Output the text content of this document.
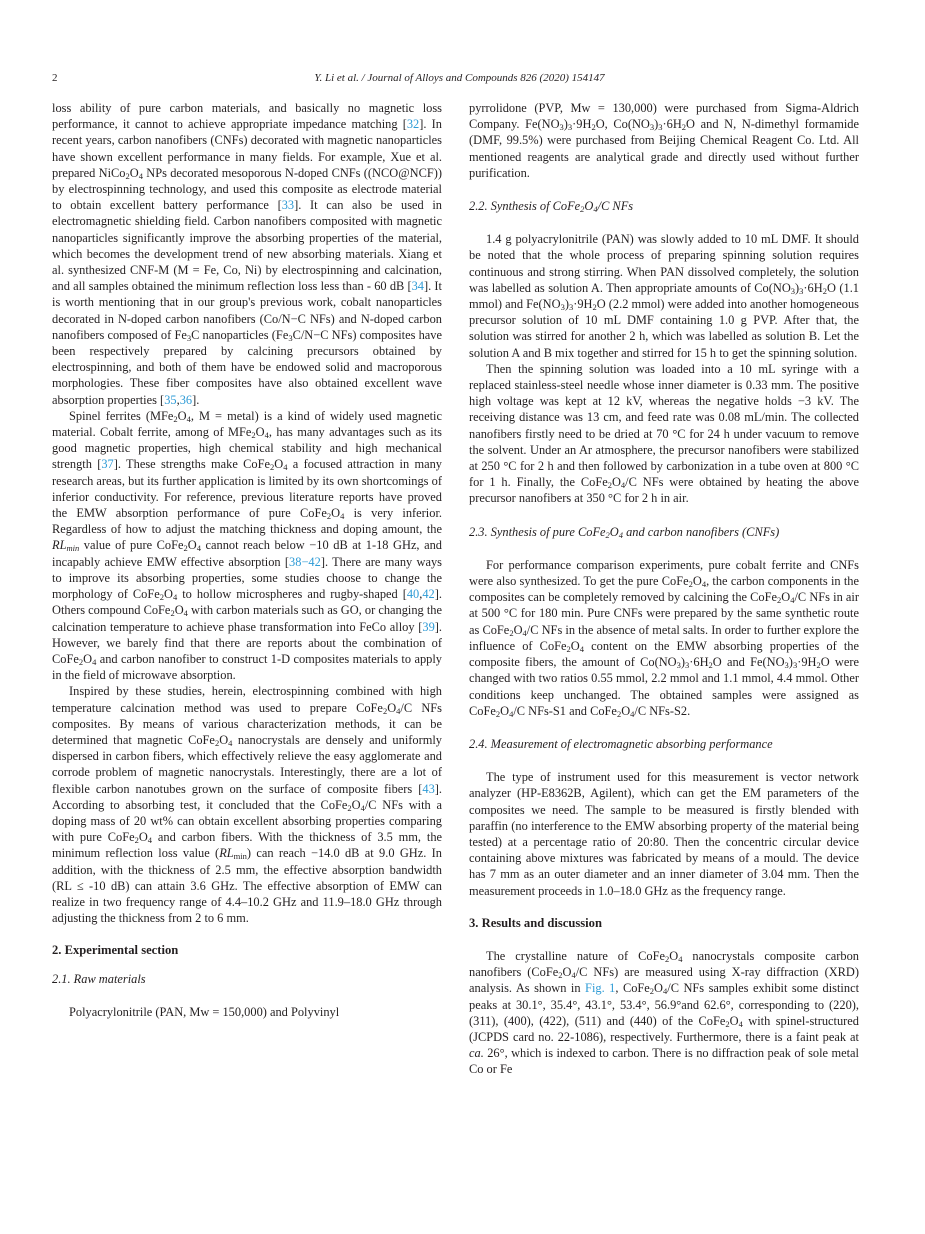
2	Y. Li et al. / Journal of Alloys and Compounds 826 (2020) 154147

loss ability of pure carbon materials, and basically no magnetic loss performance, it cannot to achieve appropriate impedance matching [32]. In recent years, carbon nanofibers (CNFs) decorated with magnetic nanoparticles have shown excellent performance in many fields. For example, Xue et al. prepared $NiCo_2O_4$ NPs decorated mesoporous N-doped CNFs ((NCO@NCF)) by electrospinning technology, and used this composite as electrode material to obtain excellent battery performance [33]. It can also be used in electromagnetic shielding field. Carbon nanofibers composited with magnetic nanoparticles significantly improve the absorbing properties of the material, which becomes the development trend of new absorbing materials. Xiang et al. synthesized CNF-M (M = Fe, Co, Ni) by electrospinning and calcination, and all samples obtained the minimum reflection loss less than - 60 dB [34]. It is worth mentioning that in our group's previous work, cobalt nanoparticles decorated in N-doped carbon nanofibers (Co/N−C NFs) and N-doped carbon nanofibers composed of $Fe_3C$ nanoparticles ($Fe_3C/N-C$ NFs) composites have been respectively prepared by calcining precursors obtained by electrospinning, and both of them have be endowed solid and macroporous morphologies. These fiber composites have also obtained excellent wave absorption properties [35,36].

Spinel ferrites ($MFe_2O_4$, M = metal) is a kind of widely used magnetic material. Cobalt ferrite, among of $MFe_2O_4$, has many advantages such as its good magnetic properties, high chemical stability and high mechanical strength [37]. These strengths make $CoFe_2O_4$ a focused attraction in many research areas, but its further application is limited by its own shortcomings of inferior conductivity. For reference, previous literature reports have proved the EMW absorption performance of pure $CoFe_2O_4$ is very inferior. Regardless of how to adjust the matching thickness and doping amount, the $RL_{min}$ value of pure $CoFe_2O_4$ cannot reach below −10 dB at 1-18 GHz, and incapably achieve EMW effective absorption [38−42]. There are many ways to improve its absorbing properties, some studies choose to change the morphology of $CoFe_2O_4$ to hollow microspheres and rugby-shaped [40,42]. Others compound $CoFe_2O_4$ with carbon materials such as GO, or changing the calcination temperature to achieve phase transformation into FeCo alloy [39]. However, we barely find that there are reports about the combination of $CoFe_2O_4$ and carbon nanofiber to construct 1-D composites materials to apply in the field of microwave absorption.

Inspired by these studies, herein, electrospinning combined with high temperature calcination method was used to prepare $CoFe_2O_4/C$ NFs composites. By means of various characterization methods, it can be determined that magnetic $CoFe_2O_4$ nanocrystals are densely and uniformly dispersed in carbon fibers, which effectively relieve the easy agglomerate and corrode problem of magnetic nanocrystals. Interestingly, there are a lot of flexible carbon nanotubes grown on the surface of composite fibers [43]. According to absorbing test, it concluded that the $CoFe_2O_4/C$ NFs with a doping mass of 20 wt% can obtain excellent absorbing properties comparing with pure $CoFe_2O_4$ and carbon fibers. With the thickness of 3.5 mm, the minimum reflection loss value $(RL_{min})$ can reach −14.0 dB at 9.0 GHz. In addition, with the thickness of 2.5 mm, the effective absorption bandwidth (RL ≤ -10 dB) can attain 3.6 GHz. The effective absorption of EMW can realize in two frequency range of 4.4–10.2 GHz and 11.9–18.0 GHz through adjusting the thickness from 2 to 6 mm.

2. Experimental section
2.1. Raw materials

Polyacrylonitrile (PAN, Mw = 150,000) and Polyvinyl

pyrrolidone (PVP, Mw = 130,000) were purchased from Sigma-Aldrich Company. $Fe(NO_3)_3\cdot 9H_2O$, $Co(NO_3)_3\cdot 6H_2O$ and N, N-dimethyl formamide (DMF, 99.5%) were purchased from Beijing Chemical Reagent Co. Ltd. All mentioned reagents are analytical grade and directly used without further purification.

2.2. Synthesis of $CoFe_2O_4/C$ NFs

1.4 g polyacrylonitrile (PAN) was slowly added to 10 mL DMF. It should be noted that the whole process of preparing spinning solution requires continuous and strong stirring. When PAN dissolved completely, the solution was labelled as solution A. Then appropriate amounts of $Co(NO_3)_3\cdot 6H_2O$ (1.1 mmol) and $Fe(NO_3)_3\cdot 9H_2O$ (2.2 mmol) were added into another homogeneous precursor solution of 10 mL DMF containing 1.0 g PVP. After that, the solution was stirred for another 2 h, which was labelled as solution B. Let the solution A and B mix together and stirred for 15 h to get the spinning solution.

Then the spinning solution was loaded into a 10 mL syringe with a replaced stainless-steel needle whose inner diameter is 0.33 mm. The positive high voltage was kept at 12 kV, whereas the negative holds −3 kV. The receiving distance was 13 cm, and feed rate was 0.08 mL/min. The collected nanofibers firstly need to be dried at 70 °C for 24 h under vacuum to remove the solvent. Under an Ar atmosphere, the precursor nanofibers were stabilized at 250 °C for 2 h and then followed by carbonization in a tube oven at 800 °C for 1 h. Finally, the $CoFe_2O_4/C$ NFs were obtained by heating the above precursor nanofibers at 350 °C for 2 h in air.

2.3. Synthesis of pure $CoFe_2O_4$ and carbon nanofibers (CNFs)

For performance comparison experiments, pure cobalt ferrite and CNFs were also synthesized. To get the pure $CoFe_2O_4$, the carbon components in the composites can be completely removed by calcining the $CoFe_2O_4/C$ NFs in air at 500 °C for 180 min. Pure CNFs were prepared by the same synthetic route as $CoFe_2O_4/C$ NFs in the absence of metal salts. In order to further explore the influence of $CoFe_2O_4$ content on the EMW absorbing properties of the composite fibers, the amount of $Co(NO_3)_3\cdot 6H_2O$ and $Fe(NO_3)_3\cdot 9H_2O$ were changed with two ratios 0.55 mmol, 2.2 mmol and 1.1 mmol, 4.4 mmol. Other conditions keep unchanged. The obtained samples were assigned as $CoFe_2O_4/C$ NFs-S1 and $CoFe_2O_4/C$ NFs-S2.

2.4. Measurement of electromagnetic absorbing performance

The type of instrument used for this measurement is vector network analyzer (HP-E8362B, Agilent), which can get the EM parameters of the composites we need. The sample to be measured is firstly blended with paraffin (no interference to the EMW absorbing property of the material being tested) at a percentage ratio of 20:80. Then the concentric circular device containing above mixtures was fabricated by means of a mould. The device has 7 mm as an outer diameter and an inner diameter of 3.04 mm. Then the measurement proceeds in 1.0–18.0 GHz as the frequency range.

3. Results and discussion

The crystalline nature of $CoFe_2O_4$ nanocrystals composite carbon nanofibers ($CoFe_2O_4/C$ NFs) are measured using X-ray diffraction (XRD) analysis. As shown in Fig. 1, $CoFe_2O_4/C$ NFs samples exhibit some distinct peaks at 30.1°, 35.4°, 43.1°, 53.4°, 56.9°and 62.6°, corresponding to (220), (311), (400), (422), (511) and (440) of the $CoFe_2O_4$ with spinel-structured (JCPDS card no. 22-1086), respectively. Furthermore, there is a faint peak at ca. 26°, which is indexed to carbon. There is no diffraction peak of sole metal Co or Fe
